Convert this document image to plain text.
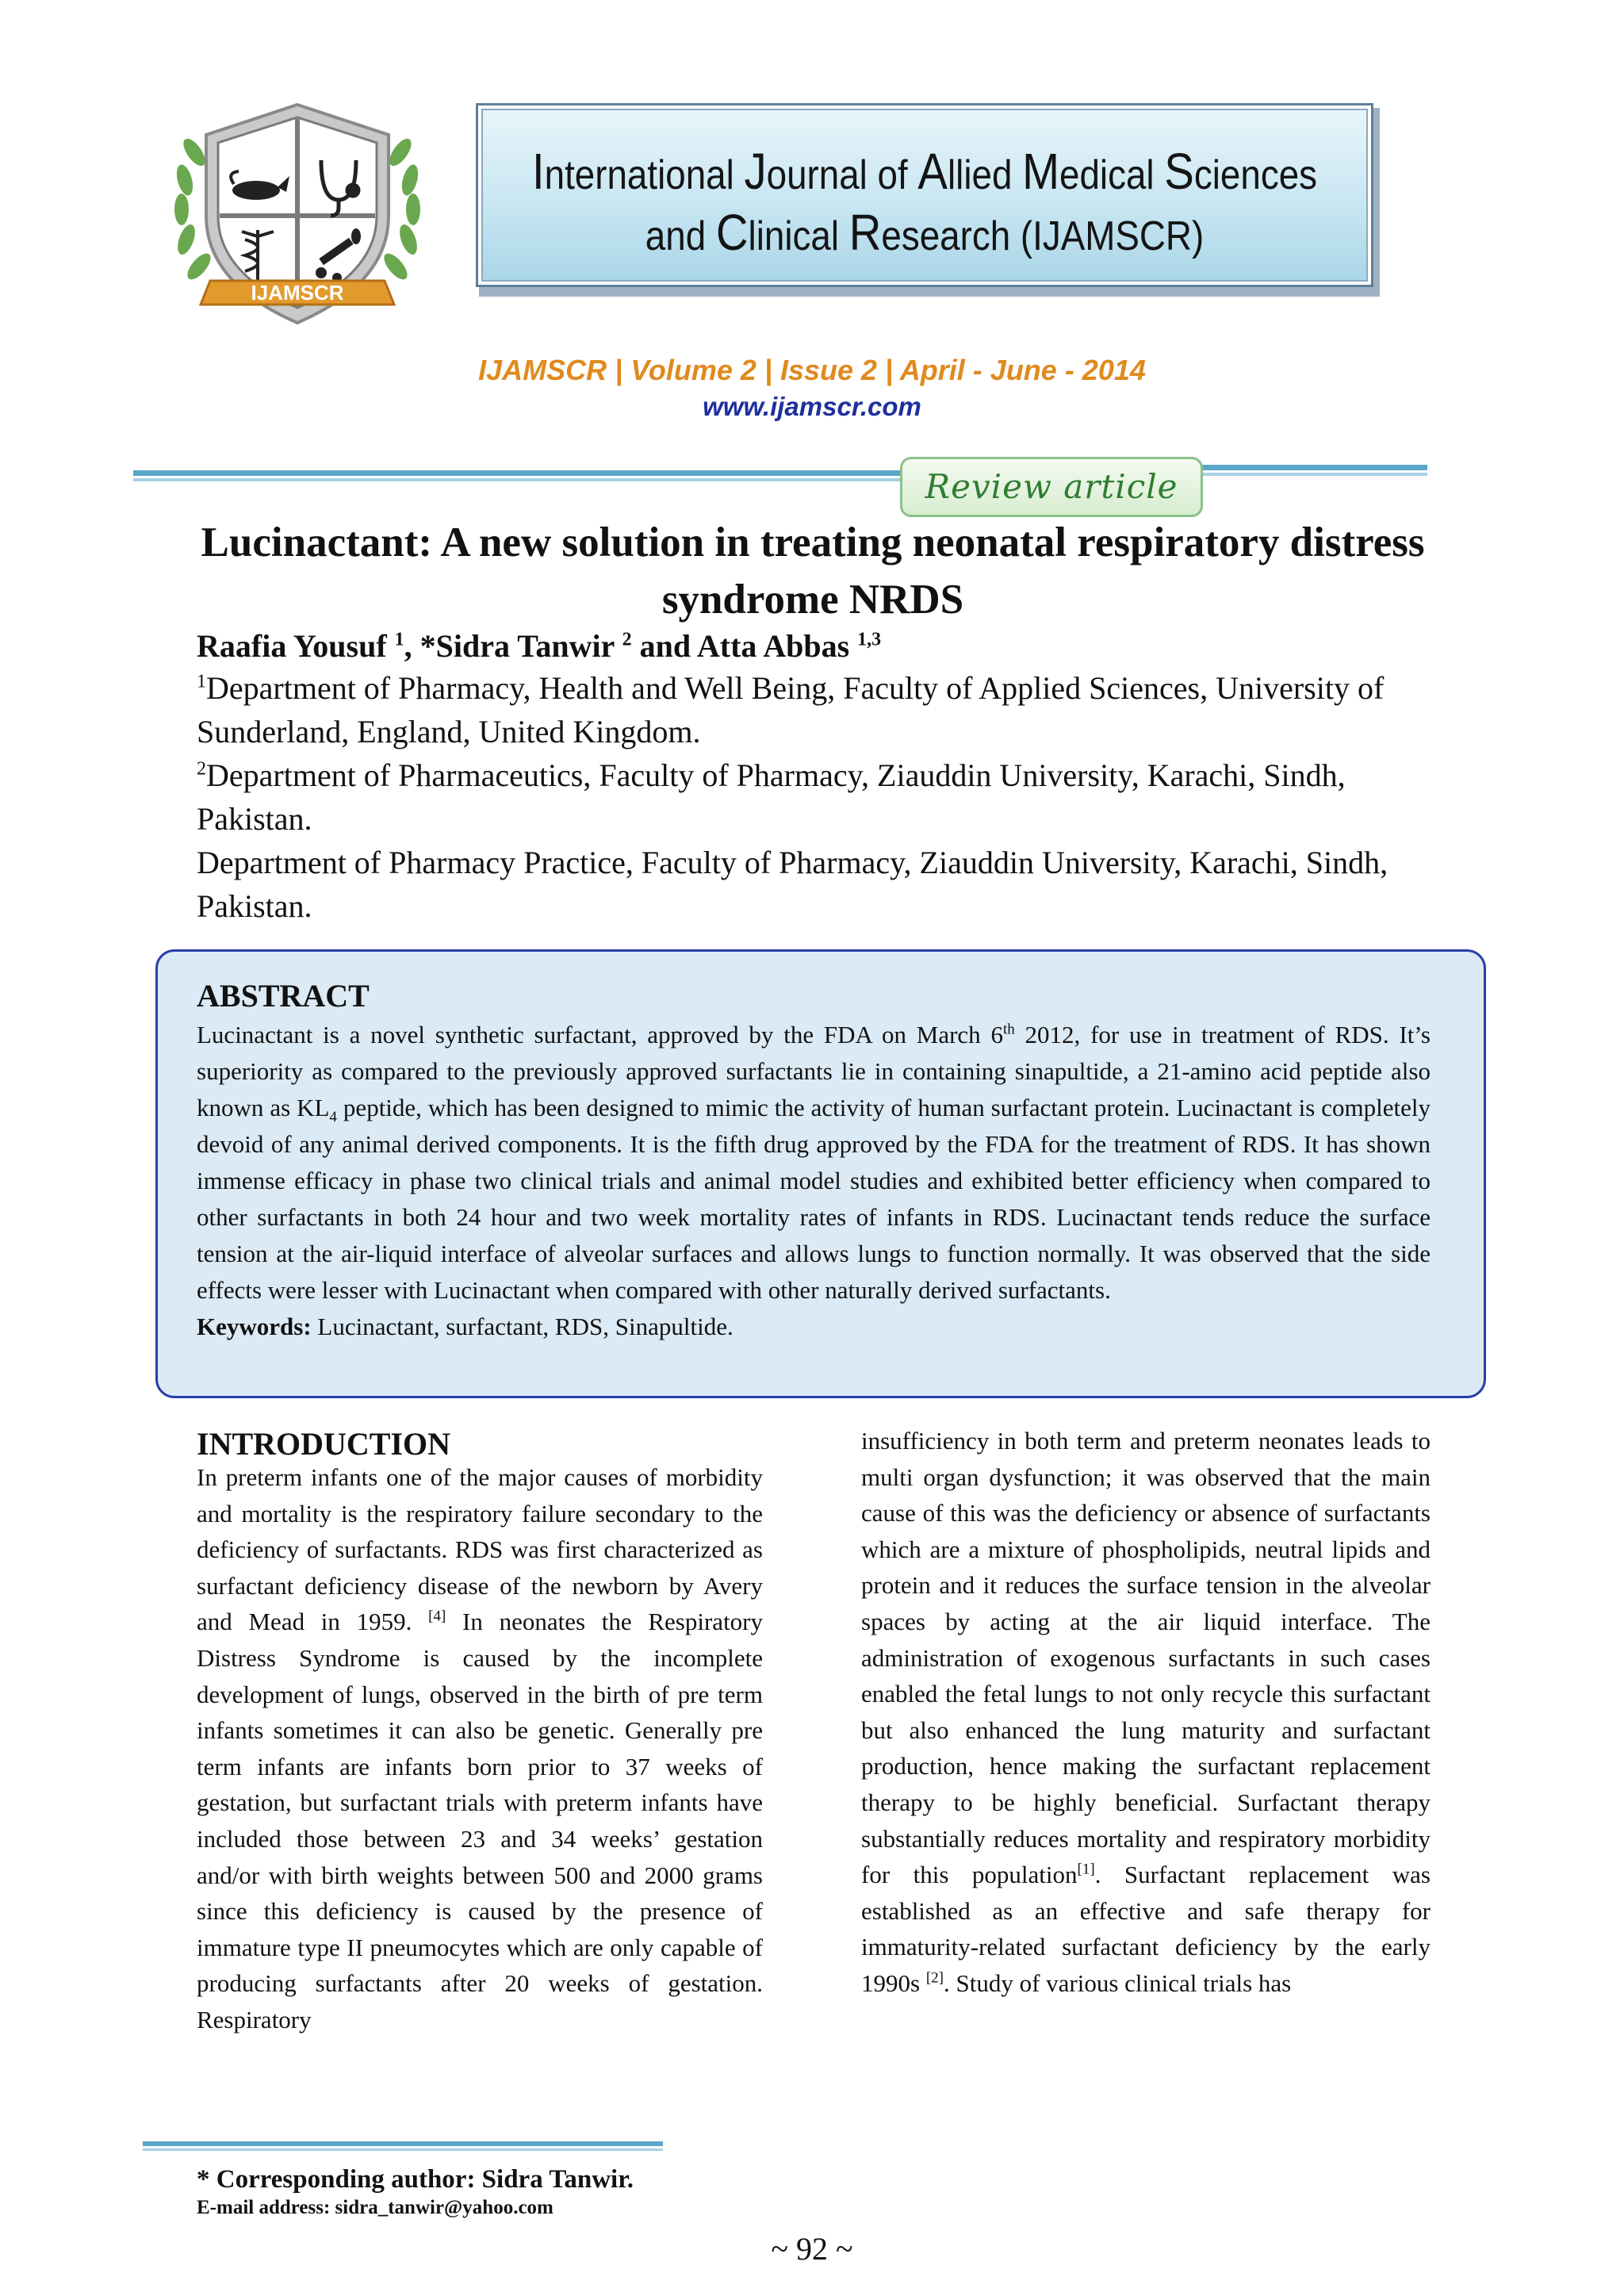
IJAMSCR
International Journal of Allied Medical Sciences
and Clinical Research (IJAMSCR)
IJAMSCR | Volume 2 | Issue 2 | April - June - 2014
www.ijamscr.com
Review article
Lucinactant: A new solution in treating neonatal respiratory distress syndrome NRDS
Raafia Yousuf $^1$, *Sidra Tanwir $^2$ and Atta Abbas $^{1,3}$
$^1$Department of Pharmacy, Health and Well Being, Faculty of Applied Sciences, University of Sunderland, England, United Kingdom.
$^2$Department of Pharmaceutics, Faculty of Pharmacy, Ziauddin University, Karachi, Sindh, Pakistan.
Department of Pharmacy Practice, Faculty of Pharmacy, Ziauddin University, Karachi, Sindh, Pakistan.
ABSTRACT
Lucinactant is a novel synthetic surfactant, approved by the FDA on March 6th 2012, for use in treatment of RDS. It’s superiority as compared to the previously approved surfactants lie in containing sinapultide, a 21-amino acid peptide also known as $KL_4$ peptide, which has been designed to mimic the activity of human surfactant protein. Lucinactant is completely devoid of any animal derived components. It is the fifth drug approved by the FDA for the treatment of RDS. It has shown immense efficacy in phase two clinical trials and animal model studies and exhibited better efficiency when compared to other surfactants in both 24 hour and two week mortality rates of infants in RDS. Lucinactant tends reduce the surface tension at the air-liquid interface of alveolar surfaces and allows lungs to function normally. It was observed that the side effects were lesser with Lucinactant when compared with other naturally derived surfactants.
Keywords: Lucinactant, surfactant, RDS, Sinapultide.
INTRODUCTION
In preterm infants one of the major causes of morbidity and mortality is the respiratory failure secondary to the deficiency of surfactants. RDS was first characterized as surfactant deficiency disease of the newborn by Avery and Mead in 1959. [4] In neonates the Respiratory Distress Syndrome is caused by the incomplete development of lungs, observed in the birth of pre term infants sometimes it can also be genetic. Generally pre term infants are infants born prior to 37 weeks of gestation, but surfactant trials with preterm infants have included those between 23 and 34 weeks’ gestation and/or with birth weights between 500 and 2000 grams since this deficiency is caused by the presence of immature type II pneumocytes which are only capable of producing surfactants after 20 weeks of gestation. Respiratory
insufficiency in both term and preterm neonates leads to multi organ dysfunction; it was observed that the main cause of this was the deficiency or absence of surfactants which are a mixture of phospholipids, neutral lipids and protein and it reduces the surface tension in the alveolar spaces by acting at the air liquid interface. The administration of exogenous surfactants in such cases enabled the fetal lungs to not only recycle this surfactant but also enhanced the lung maturity and surfactant production, hence making the surfactant replacement therapy to be highly beneficial. Surfactant therapy substantially reduces mortality and respiratory morbidity for this population[1]. Surfactant replacement was established as an effective and safe therapy for immaturity-related surfactant deficiency by the early 1990s [2]. Study of various clinical trials has
* Corresponding author: Sidra Tanwir.
E-mail address: sidra_tanwir@yahoo.com
~ 92 ~
